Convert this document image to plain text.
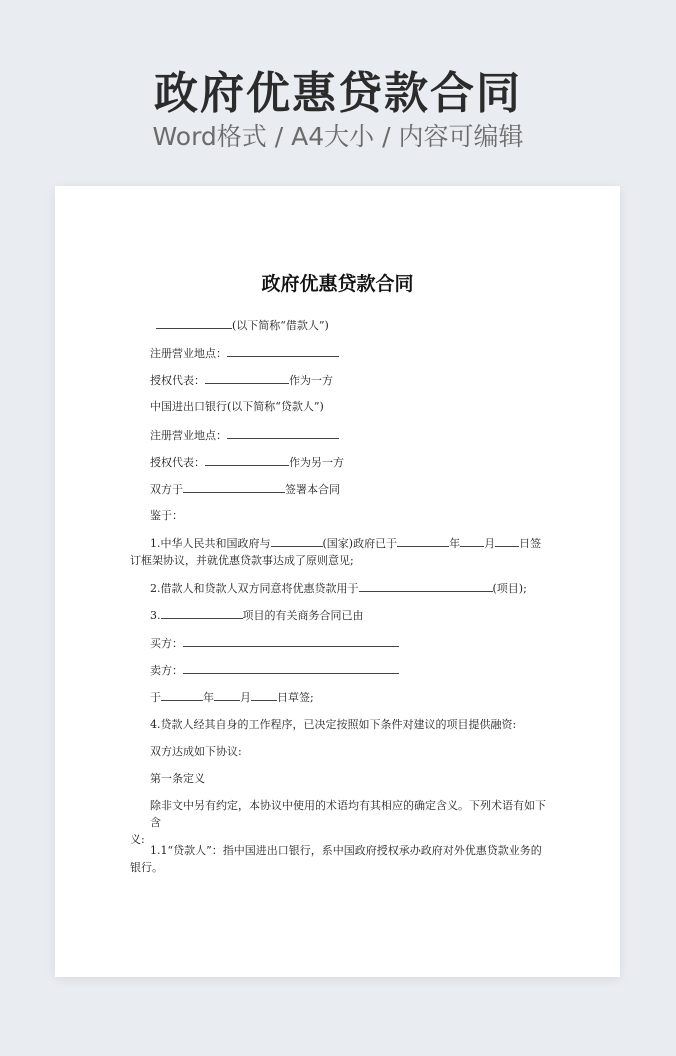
政府优惠贷款合同
Word格式 / A4大小 / 内容可编辑
政府优惠贷款合同
(以下简称“借款人”)
注册营业地点：
授权代表：	作为一方
中国进出口银行(以下简称“贷款人”)
注册营业地点：
授权代表：	作为另一方
双方于	签署本合同
鉴于：
1.中华人民共和国政府与	(国家)政府已于	年 月 日签
订框架协议，并就优惠贷款事达成了原则意见;
2.借款人和贷款人双方同意将优惠贷款用于	(项目);
3.	项目的有关商务合同已由
买方：
卖方：
于	年 月 日草签;
4.贷款人经其自身的工作程序，已决定按照如下条件对建议的项目提供融资:
双方达成如下协议:
第一条定义
除非文中另有约定，本协议中使用的术语均有其相应的确定含义。下列术语有如下含
义:
1.1“贷款人”：指中国进出口银行，系中国政府授权承办政府对外优惠贷款业务的
银行。
